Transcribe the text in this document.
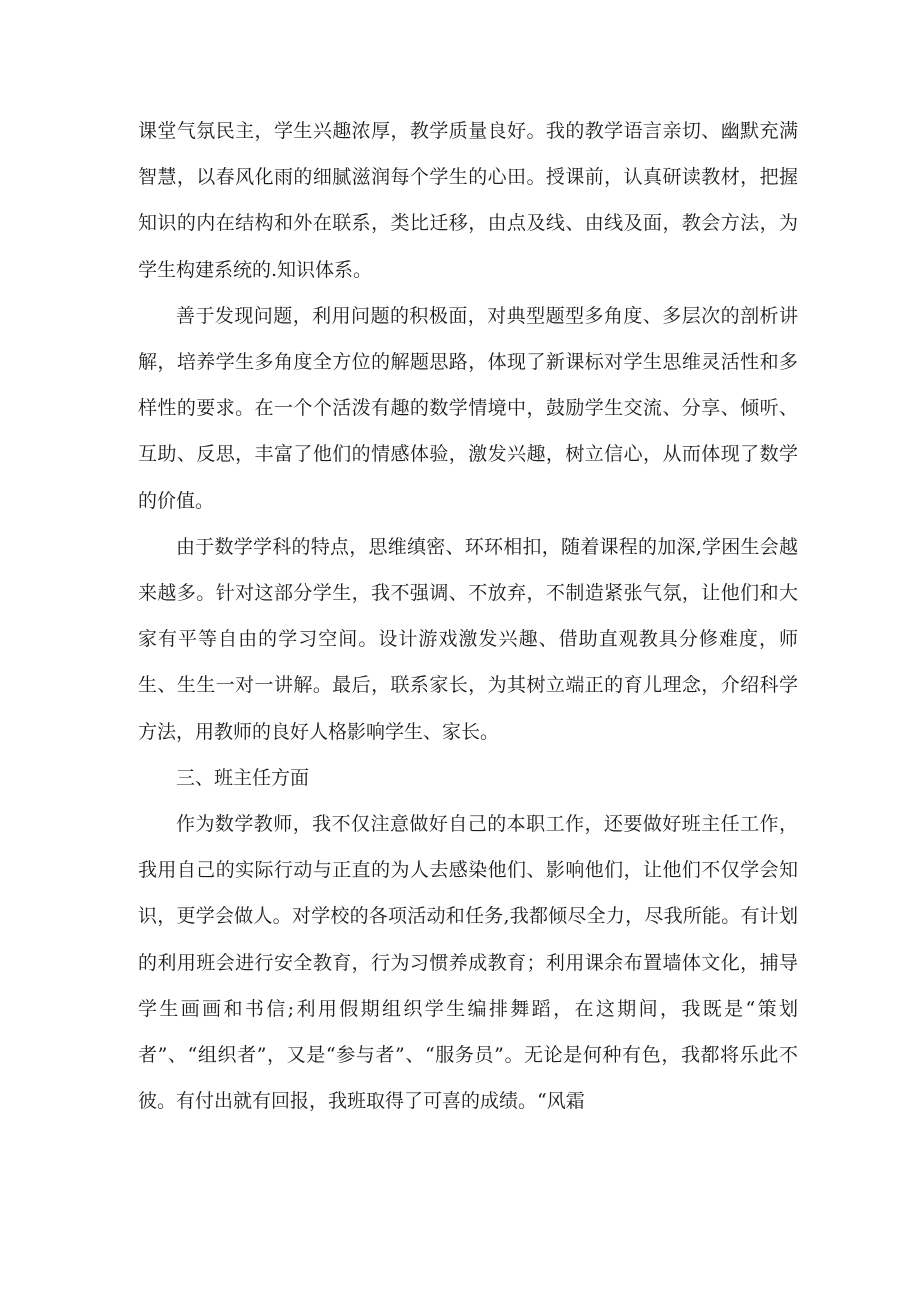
课堂气氛民主，学生兴趣浓厚，教学质量良好。我的教学语言亲切、幽默充满智慧，以春风化雨的细腻滋润每个学生的心田。授课前，认真研读教材，把握知识的内在结构和外在联系，类比迁移，由点及线、由线及面，教会方法，为学生构建系统的.知识体系。

善于发现问题，利用问题的积极面，对典型题型多角度、多层次的剖析讲解，培养学生多角度全方位的解题思路，体现了新课标对学生思维灵活性和多样性的要求。在一个个活泼有趣的数学情境中，鼓励学生交流、分享、倾听、互助、反思，丰富了他们的情感体验，激发兴趣，树立信心，从而体现了数学的价值。

由于数学学科的特点，思维缜密、环环相扣，随着课程的加深,学困生会越来越多。针对这部分学生，我不强调、不放弃，不制造紧张气氛，让他们和大家有平等自由的学习空间。设计游戏激发兴趣、借助直观教具分修难度，师生、生生一对一讲解。最后，联系家长，为其树立端正的育儿理念，介绍科学方法，用教师的良好人格影响学生、家长。

三、班主任方面

作为数学教师，我不仅注意做好自己的本职工作，还要做好班主任工作，我用自己的实际行动与正直的为人去感染他们、影响他们，让他们不仅学会知识，更学会做人。对学校的各项活动和任务,我都倾尽全力，尽我所能。有计划的利用班会进行安全教育，行为习惯养成教育；利用课余布置墙体文化，捕导学生画画和书信;利用假期组织学生编排舞蹈，在这期间，我既是“策划者”、“组织者”，又是“参与者”、“服务员”。无论是何种有色，我都将乐此不彼。有付出就有回报，我班取得了可喜的成绩。“风霜
